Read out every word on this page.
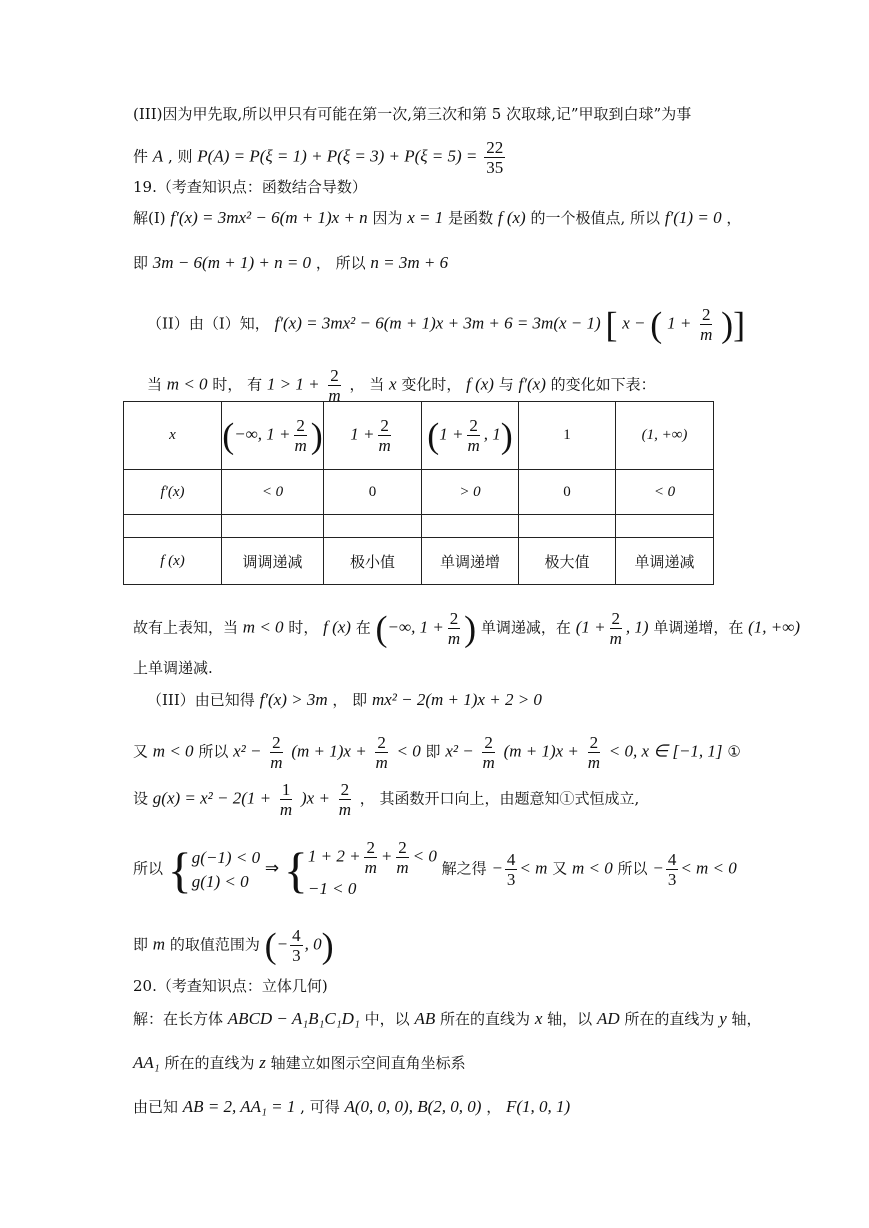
(III)因为甲先取,所以甲只有可能在第一次,第三次和第 5 次取球,记”甲取到白球”为事
件 A , 则 $P(A) = P(\xi = 1) + P(\xi = 3) + P(\xi = 5) = \frac{22}{35}$
19.（考查知识点：函数结合导数）
解(I) f′(x) = 3mx² − 6(m + 1)x + n 因为 x = 1 是函数 f (x) 的一个极值点, 所以 f′(1) = 0 ，
即 3m − 6(m + 1) + n = 0 ， 所以 n = 3m + 6
（II）由（I）知， f′(x) = 3mx² − 6(m + 1)x + 3m + 6 = 3m(x − 1) [ x − ( $1 + \frac{2}{m}$ )]
当 m < 0 时， 有 $1 > 1 + \frac{2}{m}$ ， 当 x 变化时， f (x) 与 f′(x) 的变化如下表：
x	(−∞, $1 + \frac{2}{m}$ )	$1 + \frac{2}{m}$	($1 + \frac{2}{m}$ , 1)	1	(1, +∞)
f′(x)	< 0	0	> 0	0	< 0

f (x)	调调递减	极小值	单调递增	极大值	单调递减
故有上表知，当 m < 0 时， f (x) 在 (−∞, $1 + \frac{2}{m}$ ) 单调递减，在 ($1 + \frac{2}{m}$ , 1) 单调递增，在 (1, +∞)
上单调递减.
（III）由已知得 f′(x) > 3m ， 即 mx² − 2(m + 1)x + 2 > 0
又 m < 0 所以 $x^2 - \frac{2}{m} (m + 1)x + \frac{2}{m} < 0$ 即 $x^2 - \frac{2}{m} (m + 1)x + \frac{2}{m} < 0$, x ∈ [−1, 1] ①
设 $g(x) = x^2 - 2(1 + \frac{1}{m} )x + \frac{2}{m}$ ， 其函数开口向上，由题意知①式恒成立,
所以 { g(−1) < 0
g(1) < 0
⇒ { $1 + 2 + \frac{2}{m} + \frac{2}{m} < 0$
−1 < 0
解之得 − $\frac{4}{3} < m$ 又 m < 0 所以 − $\frac{4}{3} < m < 0$
即 m 的取值范围为 (− $\frac{4}{3}$ , 0)
20.（考查知识点：立体几何)
解：在长方体 ABCD − A₁B₁C₁D₁ 中，以 AB 所在的直线为 x 轴，以 AD 所在的直线为 y 轴，
AA₁ 所在的直线为 z 轴建立如图示空间直角坐标系
由已知 AB = 2, AA₁ = 1 , 可得 A(0, 0, 0), B(2, 0, 0) ， F(1, 0, 1)
